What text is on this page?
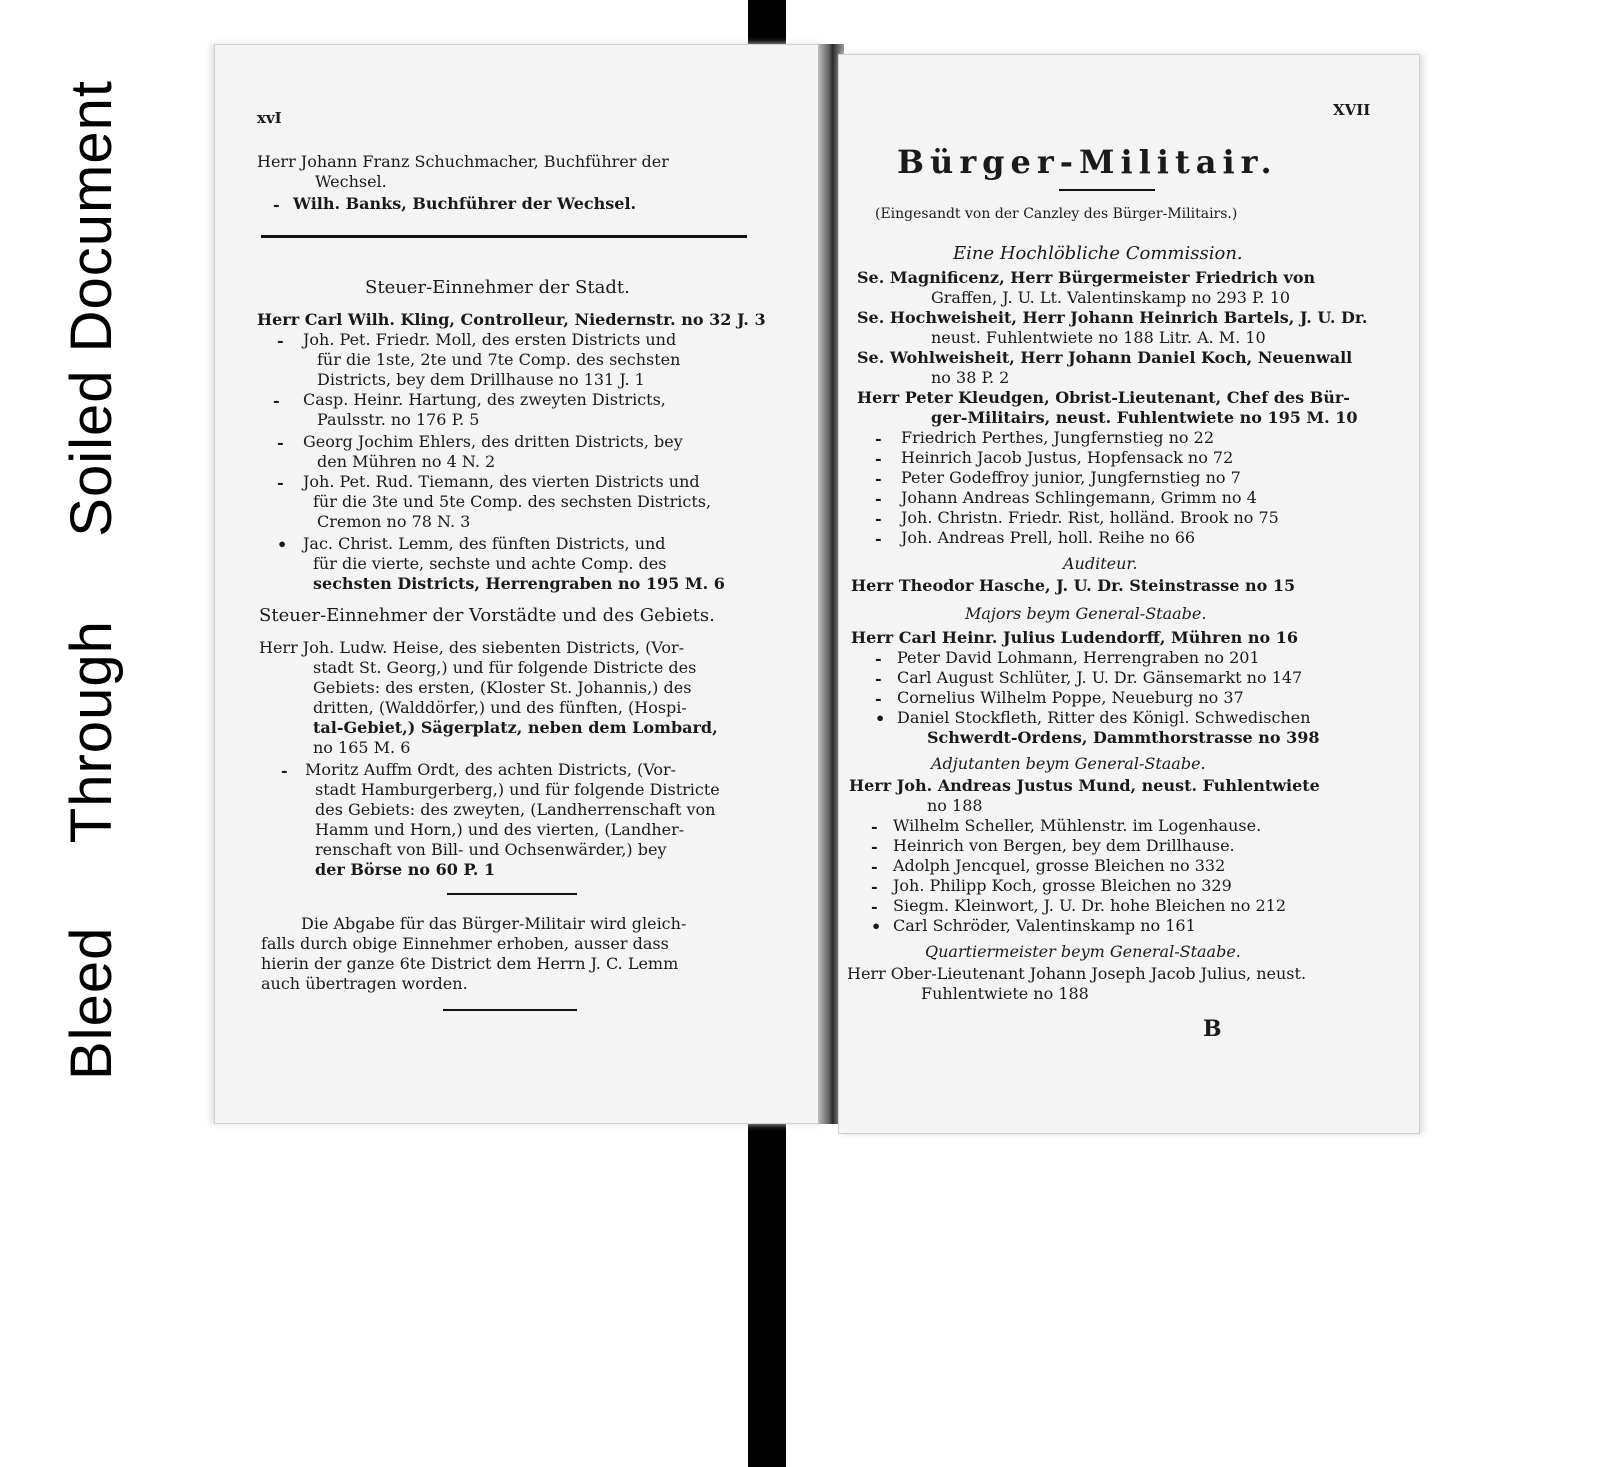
Bleed
Through
Soiled Document	xvI
Herr Johann Franz Schuchmacher, Buchführer der
Wechsel.
- Wilh. Banks, Buchführer der Wechsel.
Steuer-Einnehmer der Stadt.
Herr Carl Wilh. Kling, Controlleur, Niedernstr. no 32 J. 3
- Joh. Pet. Friedr. Moll, des ersten Districts und
für die 1ste, 2te und 7te Comp. des sechsten
Districts, bey dem Drillhause no 131 J. 1
- Casp. Heinr. Hartung, des zweyten Districts,
Paulsstr. no 176 P. 5
- Georg Jochim Ehlers, des dritten Districts, bey
den Mühren no 4 N. 2
- Joh. Pet. Rud. Tiemann, des vierten Districts und
für die 3te und 5te Comp. des sechsten Districts,
Cremon no 78 N. 3
• Jac. Christ. Lemm, des fünften Districts, und
für die vierte, sechste und achte Comp. des
sechsten Districts, Herrengraben no 195 M. 6
Steuer-Einnehmer der Vorstädte und des Gebiets.
Herr Joh. Ludw. Heise, des siebenten Districts, (Vor-
stadt St. Georg,) und für folgende Districte des
Gebiets: des ersten, (Kloster St. Johannis,) des
dritten, (Walddörfer,) und des fünften, (Hospi-
tal-Gebiet,) Sägerplatz, neben dem Lombard,
no 165 M. 6
- Moritz Auffm Ordt, des achten Districts, (Vor-
stadt Hamburgerberg,) und für folgende Districte
des Gebiets: des zweyten, (Landherrenschaft von
Hamm und Horn,) und des vierten, (Landher-
renschaft von Bill- und Ochsenwärder,) bey
der Börse no 60 P. 1
Die Abgabe für das Bürger-Militair wird gleich-
falls durch obige Einnehmer erhoben, ausser dass
hierin der ganze 6te District dem Herrn J. C. Lemm
auch übertragen worden.
XVII
Bürger-Militair.
(Eingesandt von der Canzley des Bürger-Militairs.)
Eine Hochlöbliche Commission.
Se. Magnificenz, Herr Bürgermeister Friedrich von
Graffen, J. U. Lt. Valentinskamp no 293 P. 10
Se. Hochweisheit, Herr Johann Heinrich Bartels, J. U. Dr.
neust. Fuhlentwiete no 188 Litr. A. M. 10
Se. Wohlweisheit, Herr Johann Daniel Koch, Neuenwall
no 38 P. 2
Herr Peter Kleudgen, Obrist-Lieutenant, Chef des Bür-
ger-Militairs, neust. Fuhlentwiete no 195 M. 10
- Friedrich Perthes, Jungfernstieg no 22
- Heinrich Jacob Justus, Hopfensack no 72
- Peter Godeffroy junior, Jungfernstieg no 7
- Johann Andreas Schlingemann, Grimm no 4
- Joh. Christn. Friedr. Rist, holländ. Brook no 75
- Joh. Andreas Prell, holl. Reihe no 66
Auditeur.
Herr Theodor Hasche, J. U. Dr. Steinstrasse no 15
Majors beym General-Staabe.
Herr Carl Heinr. Julius Ludendorff, Mühren no 16
- Peter David Lohmann, Herrengraben no 201
- Carl August Schlüter, J. U. Dr. Gänsemarkt no 147
- Cornelius Wilhelm Poppe, Neueburg no 37
• Daniel Stockfleth, Ritter des Königl. Schwedischen
Schwerdt-Ordens, Dammthorstrasse no 398
Adjutanten beym General-Staabe.
Herr Joh. Andreas Justus Mund, neust. Fuhlentwiete
no 188
- Wilhelm Scheller, Mühlenstr. im Logenhause.
- Heinrich von Bergen, bey dem Drillhause.
- Adolph Jencquel, grosse Bleichen no 332
- Joh. Philipp Koch, grosse Bleichen no 329
- Siegm. Kleinwort, J. U. Dr. hohe Bleichen no 212
• Carl Schröder, Valentinskamp no 161
Quartiermeister beym General-Staabe.
Herr Ober-Lieutenant Johann Joseph Jacob Julius, neust.
Fuhlentwiete no 188
B
